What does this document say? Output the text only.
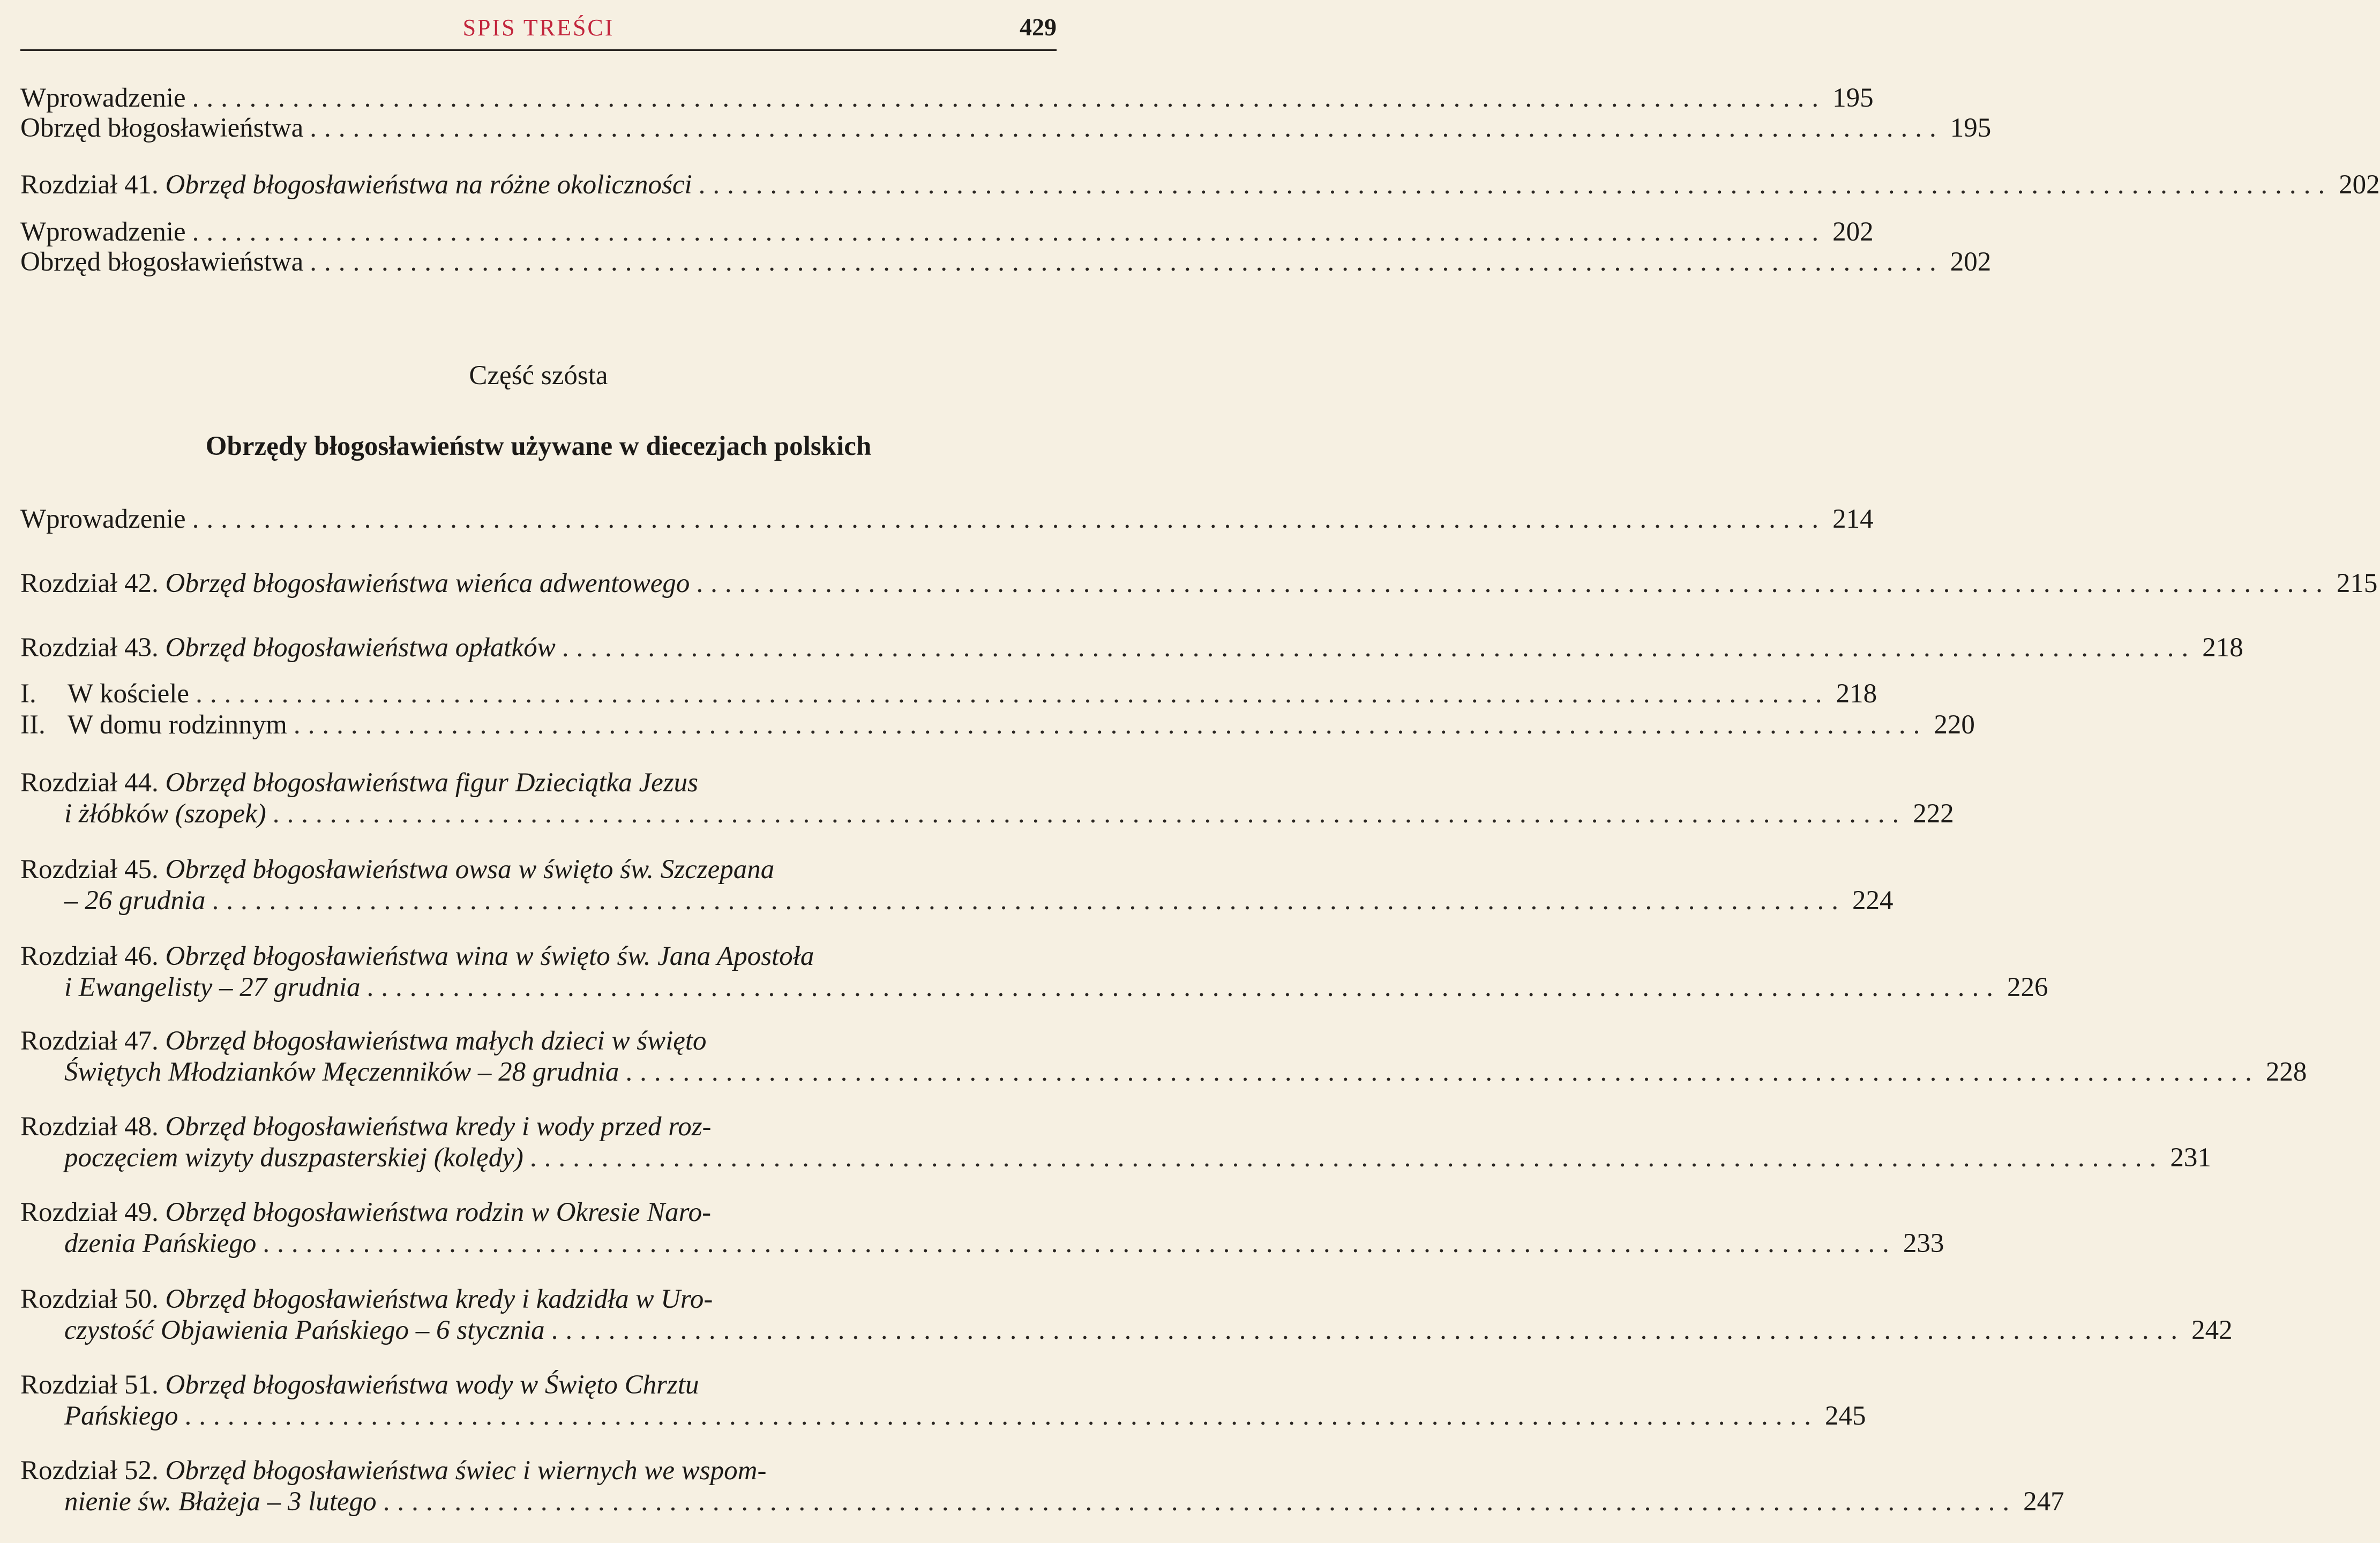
SPIS TREŚCI	429
Wprowadzenie .................................................................................................................. 195
Obrzęd błogosławieństwa .................................................................................................................. 195
Rozdział 41. Obrzęd błogosławieństwa na różne okoliczności .................................................................................................................. 202
Wprowadzenie .................................................................................................................. 202
Obrzęd błogosławieństwa .................................................................................................................. 202
Część szósta
Obrzędy błogosławieństw używane w diecezjach polskich
Wprowadzenie .................................................................................................................. 214
Rozdział 42. Obrzęd błogosławieństwa wieńca adwentowego .................................................................................................................. 215
Rozdział 43. Obrzęd błogosławieństwa opłatków .................................................................................................................. 218
I. W kościele .................................................................................................................. 218
II. W domu rodzinnym .................................................................................................................. 220
Rozdział 44. Obrzęd błogosławieństwa figur Dzieciątka Jezus
i żłóbków (szopek) .................................................................................................................. 222
Rozdział 45. Obrzęd błogosławieństwa owsa w święto św. Szczepana
– 26 grudnia .................................................................................................................. 224
Rozdział 46. Obrzęd błogosławieństwa wina w święto św. Jana Apostoła
i Ewangelisty – 27 grudnia .................................................................................................................. 226
Rozdział 47. Obrzęd błogosławieństwa małych dzieci w święto
Świętych Młodzianków Męczenników – 28 grudnia .................................................................................................................. 228
Rozdział 48. Obrzęd błogosławieństwa kredy i wody przed roz-
poczęciem wizyty duszpasterskiej (kolędy) .................................................................................................................. 231
Rozdział 49. Obrzęd błogosławieństwa rodzin w Okresie Naro-
dzenia Pańskiego .................................................................................................................. 233
Rozdział 50. Obrzęd błogosławieństwa kredy i kadzidła w Uro-
czystość Objawienia Pańskiego – 6 stycznia .................................................................................................................. 242
Rozdział 51. Obrzęd błogosławieństwa wody w Święto Chrztu
Pańskiego .................................................................................................................. 245
Rozdział 52. Obrzęd błogosławieństwa świec i wiernych we wspom-
nienie św. Błażeja – 3 lutego .................................................................................................................. 247
